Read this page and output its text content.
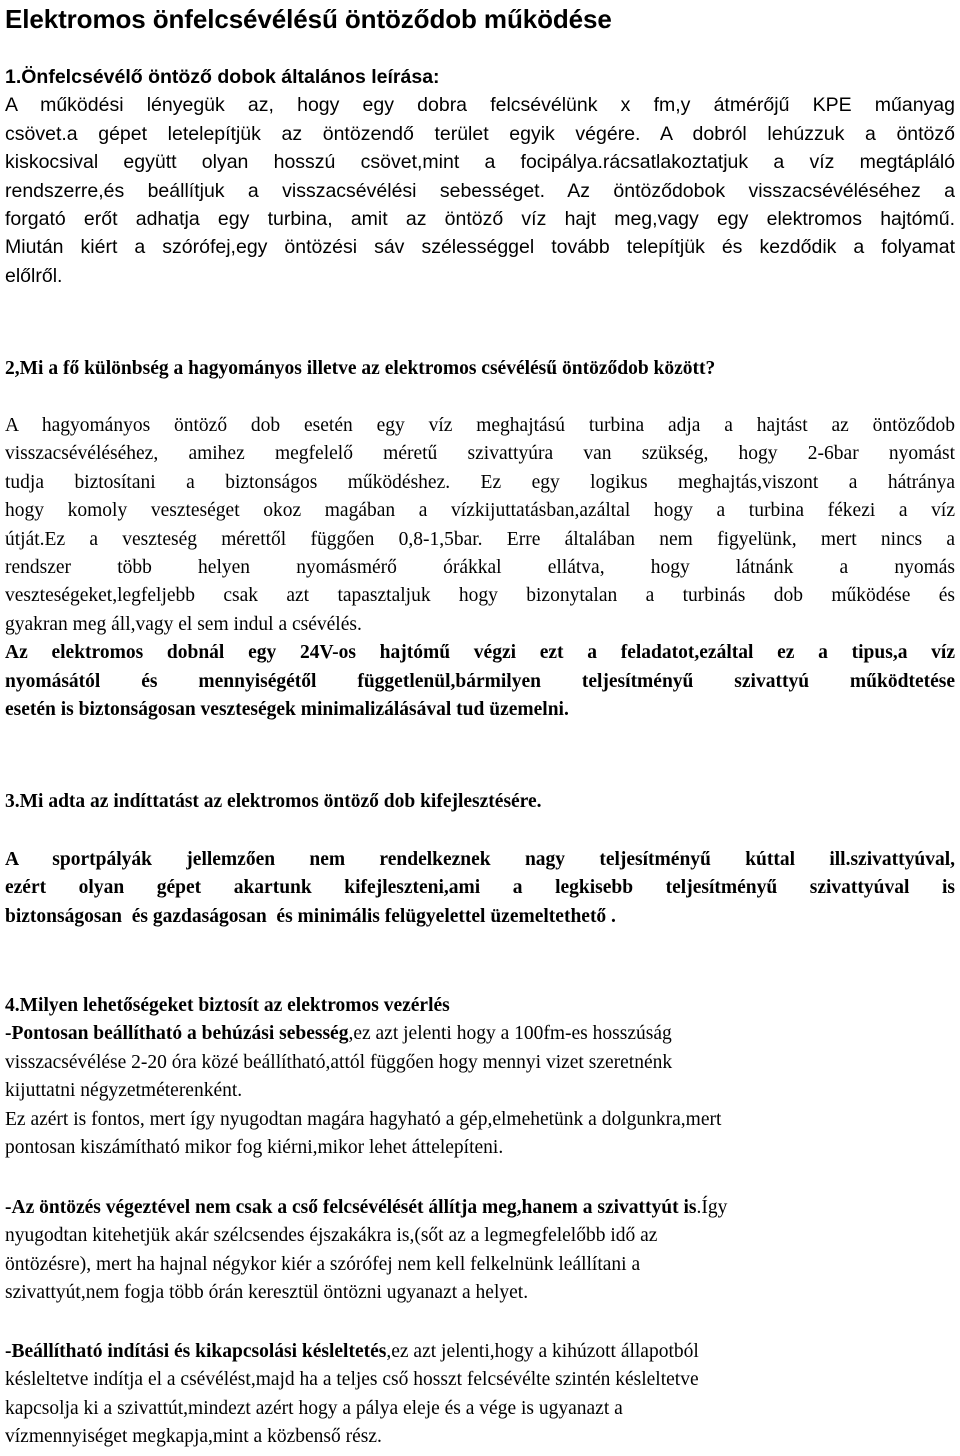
Elektromos önfelcsévélésű öntöződob működése
1.Önfelcsévélő öntöző dobok általános leírása:
A működési lényegük az, hogy egy dobra felcsévélünk x fm,y átmérőjű KPE műanyag
csövet.a gépet letelepítjük az öntözendő terület egyik végére. A dobról lehúzzuk a öntöző
kiskocsival együtt olyan hosszú csövet,mint a focipálya.rácsatlakoztatjuk a víz megtápláló
rendszerre,és beállítjuk a visszacsévélési sebességet. Az öntöződobok visszacsévéléséhez a
forgató erőt adhatja egy turbina, amit az öntöző víz hajt meg,vagy egy elektromos hajtómű.
Miután kiért a szórófej,egy öntözési sáv szélességgel tovább telepítjük és kezdődik a folyamat
előlről.
2,Mi a fő különbség a hagyományos illetve az elektromos csévélésű öntöződob között?
A hagyományos öntöző dob esetén egy víz meghajtású turbina adja a hajtást az öntöződob
visszacsévéléséhez, amihez megfelelő méretű szivattyúra van szükség, hogy 2-6bar nyomást
tudja biztosítani a biztonságos működéshez. Ez egy logikus meghajtás,viszont a hátránya
hogy komoly veszteséget okoz magában a vízkijuttatásban,azáltal hogy a turbina fékezi a víz
útját.Ez a veszteség mérettől függően 0,8-1,5bar. Erre általában nem figyelünk, mert nincs a
rendszer több helyen nyomásmérő órákkal ellátva, hogy látnánk a nyomás
veszteségeket,legfeljebb csak azt tapasztaljuk hogy bizonytalan a turbinás dob működése és
gyakran meg áll,vagy el sem indul a csévélés.
Az elektromos dobnál egy 24V-os hajtómű végzi ezt a feladatot,ezáltal ez a tipus,a víz
nyomásától és mennyiségétől függetlenül,bármilyen teljesítményű szivattyú működtetése
esetén is biztonságosan veszteségek minimalizálásával tud üzemelni.
3.Mi adta az indíttatást az elektromos öntöző dob kifejlesztésére.
A sportpályák jellemzően nem rendelkeznek nagy teljesítményű kúttal ill.szivattyúval,
ezért olyan gépet akartunk kifejleszteni,ami a legkisebb teljesítményű szivattyúval is
biztonságosan  és gazdaságosan  és minimális felügyelettel üzemeltethető .
4.Milyen lehetőségeket biztosít az elektromos vezérlés
-Pontosan beállítható a behúzási sebesség,ez azt jelenti hogy a 100fm-es hosszúság
visszacsévélése 2-20 óra közé beállítható,attól függően hogy mennyi vizet szeretnénk
kijuttatni négyzetméterenként.
Ez azért is fontos, mert így nyugodtan magára hagyható a gép,elmehetünk a dolgunkra,mert
pontosan kiszámítható mikor fog kiérni,mikor lehet áttelepíteni.
-Az öntözés végeztével nem csak a cső felcsévélését állítja meg,hanem a szivattyút is.Így
nyugodtan kitehetjük akár szélcsendes éjszakákra is,(sőt az a legmegfelelőbb idő az
öntözésre), mert ha hajnal négykor kiér a szórófej nem kell felkelnünk leállítani a
szivattyút,nem fogja több órán keresztül öntözni ugyanazt a helyet.
-Beállítható indítási és kikapcsolási késleltetés,ez azt jelenti,hogy a kihúzott állapotból
késleltetve indítja el a csévélést,majd ha a teljes cső hosszt felcsévélte szintén késleltetve
kapcsolja ki a szivattút,mindezt azért hogy a pálya eleje és a vége is ugyanazt a
vízmennyiséget megkapja,mint a közbenső rész.
